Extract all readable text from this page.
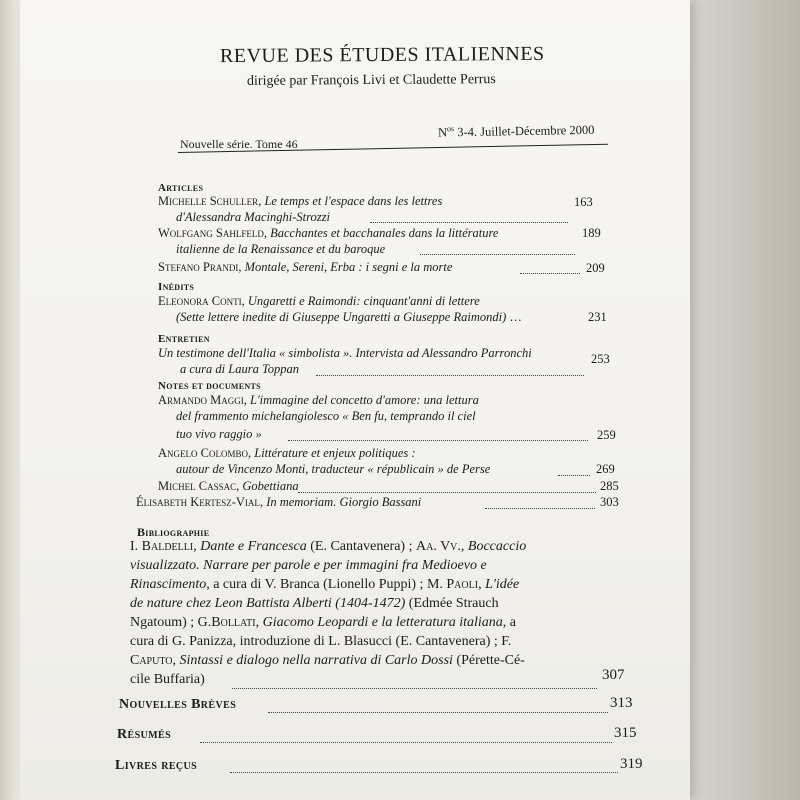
REVUE DES ÉTUDES ITALIENNES
dirigée par François Livi et Claudette Perrus
Nouvelle série. Tome 46
$N^{os}$ 3-4. Juillet-Décembre 2000
Articles
Michelle Schuller, Le temps et l'espace dans les lettres
d'Alessandra Macinghi-Strozzi
163
Wolfgang Sahlfeld, Bacchantes et bacchanales dans la littérature
italienne de la Renaissance et du baroque
189
Stefano Prandi, Montale, Sereni, Erba : i segni e la morte	209
Inédits
Eleonora Conti, Ungaretti e Raimondi: cinquant'anni di lettere
(Sette lettere inedite di Giuseppe Ungaretti a Giuseppe Raimondi) …	231
Entretien
Un testimone dell'Italia « simbolista ». Intervista ad Alessandro Parronchi
a cura di Laura Toppan
253
Notes et documents
Armando Maggi, L'immagine del concetto d'amore: una lettura
del frammento michelangiolesco « Ben fu, temprando il ciel
tuo vivo raggio »	259
Angelo Colombo, Littérature et enjeux politiques :
autour de Vincenzo Monti, traducteur « républicain » de Perse	269
Michel Cassac, Gobettiana	285
Élisabeth Kertesz-Vial, In memoriam. Giorgio Bassani	303
Bibliographie
I. Baldelli, Dante e Francesca (E. Cantavenera) ; Aa. Vv., Boccaccio
visualizzato. Narrare per parole e per immagini fra Medioevo e
Rinascimento, a cura di V. Branca (Lionello Puppi) ; M. Paoli, L'idée
de nature chez Leon Battista Alberti (1404-1472) (Edmée Strauch
Ngatoum) ; G.Bollati, Giacomo Leopardi e la letteratura italiana, a
cura di G. Panizza, introduzione di L. Blasucci (E. Cantavenera) ; F.
Caputo, Sintassi e dialogo nella narrativa di Carlo Dossi (Pérette-Cé-
cile Buffaria)	307
Nouvelles Brèves	313
Résumés	315
Livres reçus	319
